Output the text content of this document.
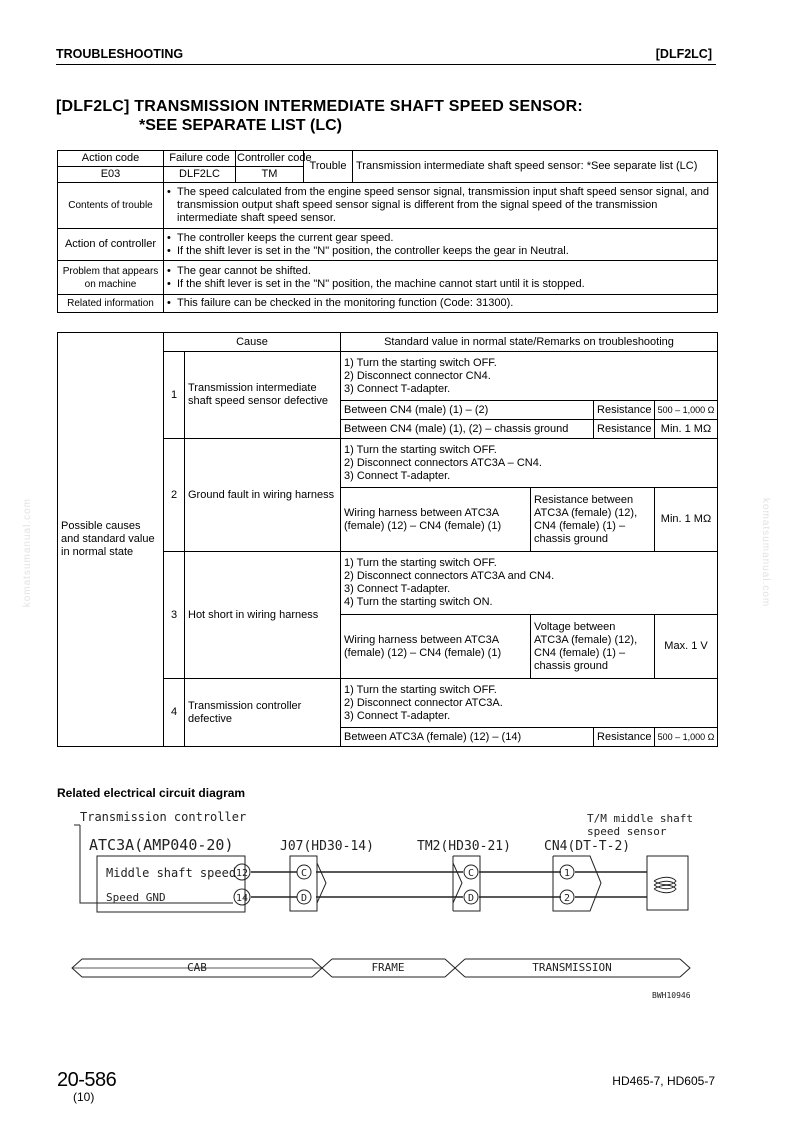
TROUBLESHOOTING	[DLF2LC]
[DLF2LC] TRANSMISSION INTERMEDIATE SHAFT SPEED SENSOR:
*SEE SEPARATE LIST (LC)
komatsumanual.com	komatsumanual.com
Action code	Failure code	Controller code	Trouble	Transmission intermediate shaft speed sensor: *See separate list (LC)
E03	DLF2LC	TM		
Contents of trouble	• The speed calculated from the engine speed sensor signal, transmission input shaft speed sensor signal, and transmission output shaft speed sensor signal is different from the signal speed of the transmission intermediate shaft speed sensor.			

Action of controller	• The controller keeps the current gear speed.
• If the shift lever is set in the "N" position, the controller keeps the gear in Neutral.			

Problem that appears on machine	• The gear cannot be shifted.
• If the shift lever is set in the "N" position, the machine cannot start until it is stopped.			

Related information	• This failure can be checked in the monitoring function (Code: 31300).			
Possible causes and standard value in normal state	Cause		Standard value in normal state/Remarks on troubleshooting			
	1	Transmission intermediate shaft speed sensor defective	1) Turn the starting switch OFF.
2) Disconnect connector CN4.
3) Connect T-adapter.			

			Between CN4 (male) (1) – (2)		Resistance	500 – 1,000 Ω
			Between CN4 (male) (1), (2) – chassis ground		Resistance	Min. 1 MΩ
	2	Ground fault in wiring harness	1) Turn the starting switch OFF.
2) Disconnect connectors ATC3A – CN4.
3) Connect T-adapter.			

			Wiring harness between ATC3A (female) (12) – CN4 (female) (1)	Resistance between ATC3A (female) (12), CN4 (female) (1) – chassis ground		Min. 1 MΩ
	3	Hot short in wiring harness	1) Turn the starting switch OFF.
2) Disconnect connectors ATC3A and CN4.
3) Connect T-adapter.
4) Turn the starting switch ON.			

			Wiring harness between ATC3A (female) (12) – CN4 (female) (1)	Voltage between ATC3A (female) (12), CN4 (female) (1) – chassis ground		Max. 1 V
	4	Transmission controller defective	1) Turn the starting switch OFF.
2) Disconnect connector ATC3A.
3) Connect T-adapter.			

			Between ATC3A (female) (12) – (14)		Resistance	500 – 1,000 Ω
Related electrical circuit diagram
Transmission controller	T/M middle shaft
speed sensor
ATC3A(AMP040-20)	J07(HD30-14)	TM2(HD30-21)	CN4(DT-T-2)
Middle shaft speed
Speed GND
12
14
C
D
C
D
1
2
CAB	FRAME	TRANSMISSION
BWH10946
20-586
(10)
HD465-7, HD605-7
